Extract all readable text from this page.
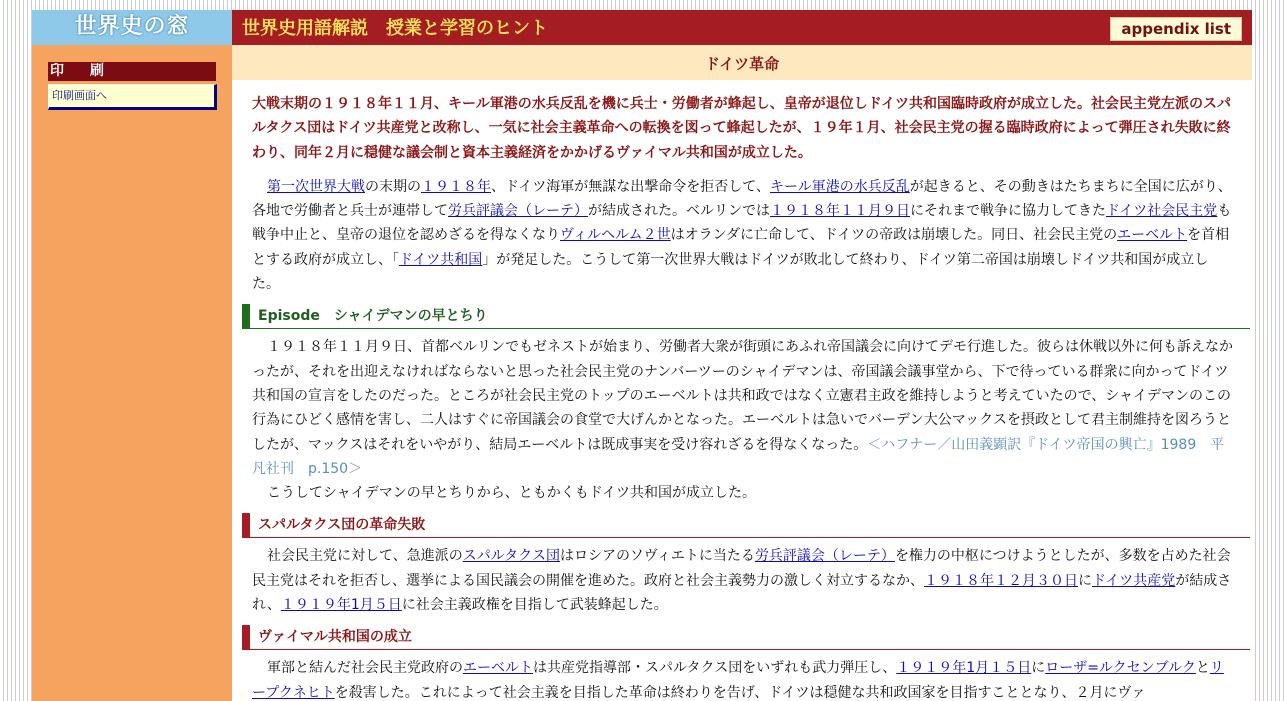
世界史の窓	世界史用語解説　授業と学習のヒント	appendix list
印　刷
印刷画面へ
ドイツ革命
大戦末期の１９１８年１１月、キール軍港の水兵反乱を機に兵士・労働者が蜂起し、皇帝が退位しドイツ共和国臨時政府が成立した。社会民主党左派のスパルタクス団はドイツ共産党と改称し、一気に社会主義革命への転換を図って蜂起したが、１９年１月、社会民主党の握る臨時政府によって弾圧され失敗に終わり、同年２月に穏健な議会制と資本主義経済をかかげるヴァイマル共和国が成立した。
第一次世界大戦の末期の１９１８年、ドイツ海軍が無謀な出撃命令を拒否して、キール軍港の水兵反乱が起きると、その動きはたちまちに全国に広がり、各地で労働者と兵士が連帯して労兵評議会（レーテ）が結成された。ベルリンでは１９１８年１１月９日にそれまで戦争に協力してきたドイツ社会民主党も戦争中止と、皇帝の退位を認めざるを得なくなりヴィルヘルム２世はオランダに亡命して、ドイツの帝政は崩壊した。同日、社会民主党のエーベルトを首相とする政府が成立し、「ドイツ共和国」が発足した。こうして第一次世界大戦はドイツが敗北して終わり、ドイツ第二帝国は崩壊しドイツ共和国が成立した。
Episode　シャイデマンの早とちり
１９１８年１１月９日、首都ベルリンでもゼネストが始まり、労働者大衆が街頭にあふれ帝国議会に向けてデモ行進した。彼らは休戦以外に何も訴えなかったが、それを出迎えなければならないと思った社会民主党のナンバーツーのシャイデマンは、帝国議会議事堂から、下で待っている群衆に向かってドイツ共和国の宣言をしたのだった。ところが社会民主党のトップのエーベルトは共和政ではなく立憲君主政を維持しようと考えていたので、シャイデマンのこの行為にひどく感情を害し、二人はすぐに帝国議会の食堂で大げんかとなった。エーベルトは急いでバーデン大公マックスを摂政として君主制維持を図ろうとしたが、マックスはそれをいやがり、結局エーベルトは既成事実を受け容れざるを得なくなった。＜ハフナー／山田義顕訳『ドイツ帝国の興亡』1989　平凡社刊　p.150＞
こうしてシャイデマンの早とちりから、ともかくもドイツ共和国が成立した。
スパルタクス団の革命失敗
社会民主党に対して、急進派のスパルタクス団はロシアのソヴィエトに当たる労兵評議会（レーテ）を権力の中枢につけようとしたが、多数を占めた社会民主党はそれを拒否し、選挙による国民議会の開催を進めた。政府と社会主義勢力の激しく対立するなか、１９１８年１２月３０日にドイツ共産党が結成され、１９１９年1月５日に社会主義政権を目指して武装蜂起した。
ヴァイマル共和国の成立
軍部と結んだ社会民主党政府のエーベルトは共産党指導部・スパルタクス団をいずれも武力弾圧し、１９１９年1月１５日にローザ=ルクセンブルクとリープクネヒトを殺害した。これによって社会主義を目指した革命は終わりを告げ、ドイツは穏健な共和政国家を目指すこととなり、２月にヴァ
